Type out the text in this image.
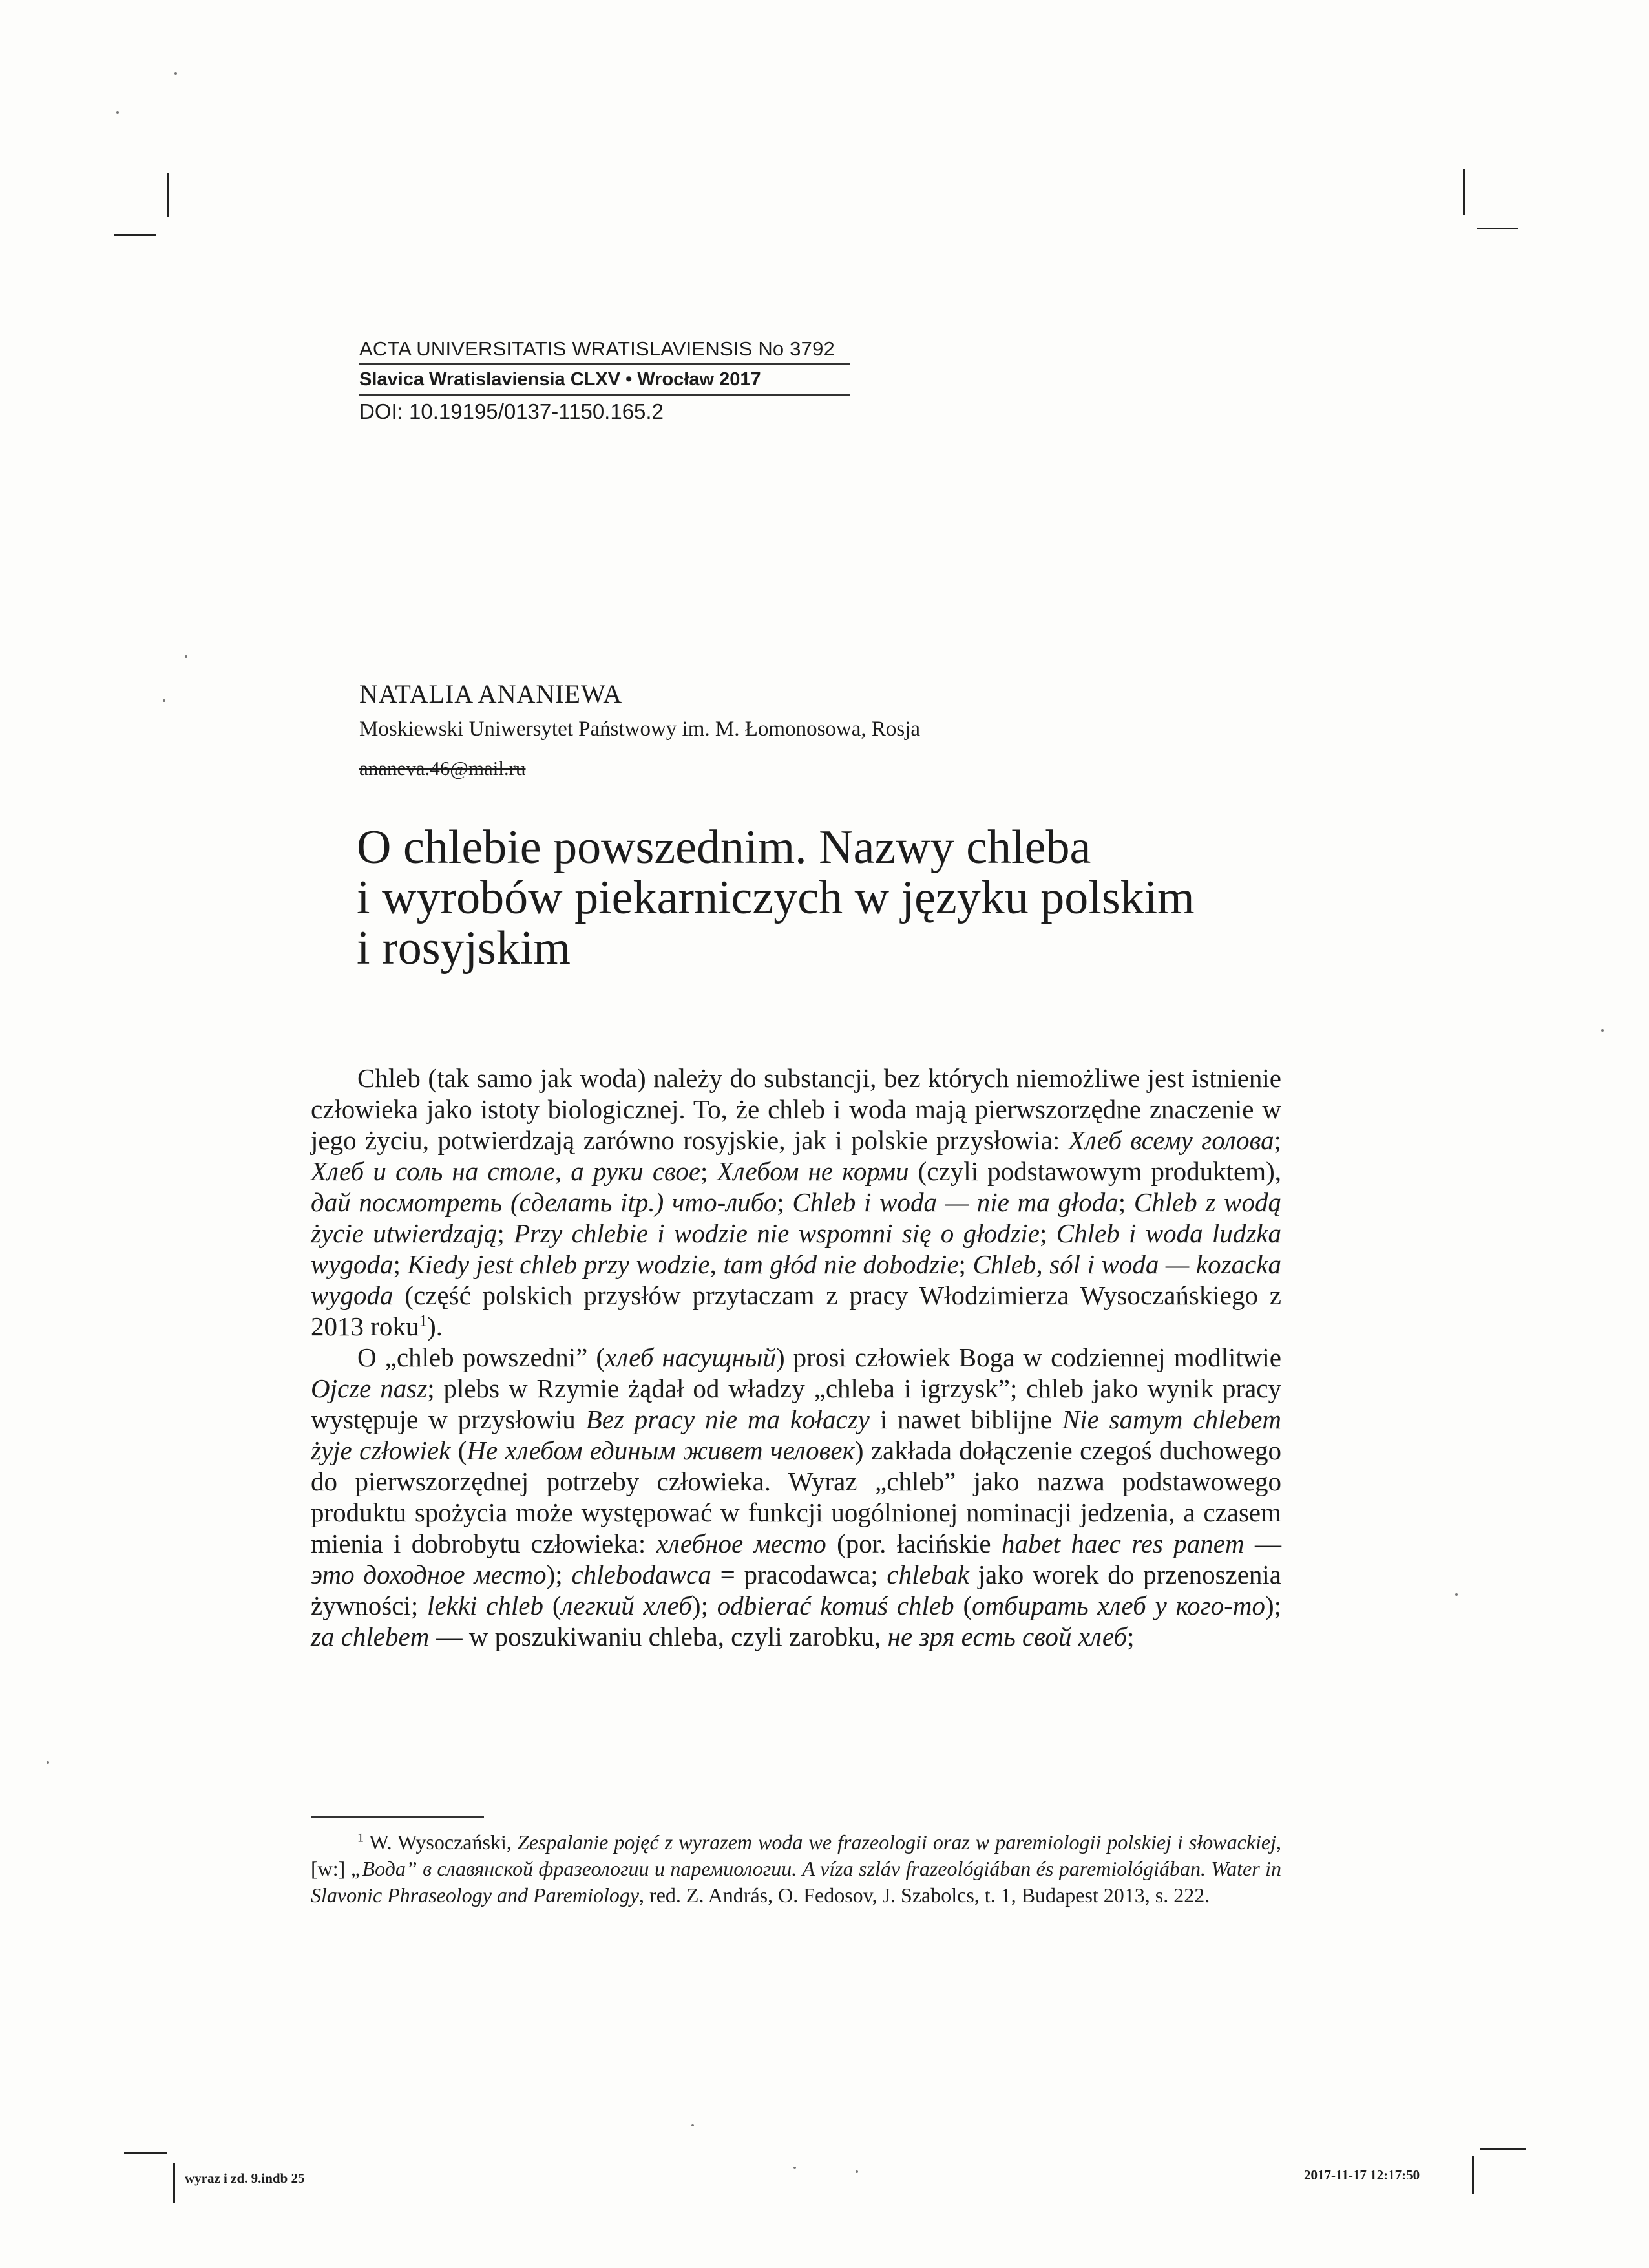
ACTA UNIVERSITATIS WRATISLAVIENSIS No 3792
Slavica Wratislaviensia CLXV • Wrocław 2017
DOI: 10.19195/0137-1150.165.2
NATALIA ANANIEWA
Moskiewski Uniwersytet Państwowy im. M. Łomonosowa, Rosja
ananeva.46@mail.ru
O chlebie powszednim. Nazwy chleba
i wyrobów piekarniczych w języku polskim
i rosyjskim

Chleb (tak samo jak woda) należy do substancji, bez których niemożliwe jest istnienie człowieka jako istoty biologicznej. To, że chleb i woda mają pierwszorzędne znaczenie w jego życiu, potwierdzają zarówno rosyjskie, jak i polskie przysłowia: Хлеб всему голова; Хлеб и соль на столе, а руки свое; Хлебом не корми (czyli podstawowym produktem), дай посмотреть (сделать itp.) что-либо; Chleb i woda — nie ma głoda; Chleb z wodą życie utwierdzają; Przy chlebie i wodzie nie wspomni się o głodzie; Chleb i woda ludzka wygoda; Kiedy jest chleb przy wodzie, tam głód nie dobodzie; Chleb, sól i woda — kozacka wygoda (część polskich przysłów przytaczam z pracy Włodzimierza Wysoczańskiego z 2013 roku$^1$).

O „chleb powszedni” (хлеб насущный) prosi człowiek Boga w codziennej modlitwie Ojcze nasz; plebs w Rzymie żądał od władzy „chleba i igrzysk”; chleb jako wynik pracy występuje w przysłowiu Bez pracy nie ma kołaczy i nawet biblijne Nie samym chlebem żyje człowiek (Не хлебом единым живет человек) zakłada dołączenie czegoś duchowego do pierwszorzędnej potrzeby człowieka. Wyraz „chleb” jako nazwa podstawowego produktu spożycia może występować w funkcji uogólnionej nominacji jedzenia, a czasem mienia i dobrobytu człowieka: хлебное место (por. łacińskie habet haec res panem — это доходное место); chlebodawca = pracodawca; chlebak jako worek do przenoszenia żywności; lekki chleb (легкий хлеб); odbierać komuś chleb (отбирать хлеб у кого-то); za chlebem — w poszukiwaniu chleba, czyli zarobku, не зря есть свой хлеб;

$^1$ W. Wysoczański, Zespalanie pojęć z wyrazem woda we frazeologii oraz w paremiologii polskiej i słowackiej, [w:] „Вода” в славянской фразеологии и паремиологии. A víza szláv frazeológiában és paremiológiában. Water in Slavonic Phraseology and Paremiology, red. Z. András, O. Fedosov, J. Szabolcs, t. 1, Budapest 2013, s. 222.

wyraz i zd. 9.indb 25	2017-11-17 12:17:50
